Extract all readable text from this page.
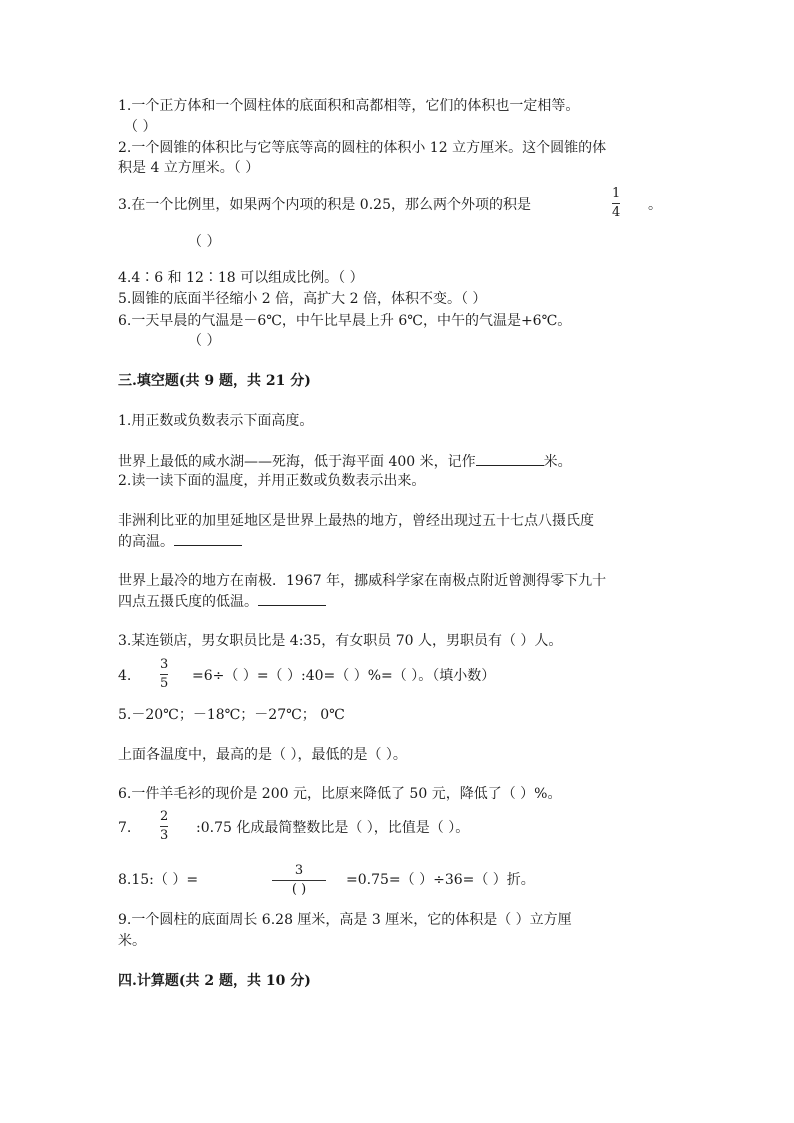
1.一个正方体和一个圆柱体的底面积和高都相等，它们的体积也一定相等。
（ ）
2.一个圆锥的体积比与它等底等高的圆柱的体积小 12 立方厘米。这个圆锥的体
积是 4 立方厘米。（ ）
3.在一个比例里，如果两个内项的积是 0.25，那么两个外项的积是
1
4 。
（ ）
4.4∶6 和 12∶18 可以组成比例。（ ）
5.圆锥的底面半径缩小 2 倍，高扩大 2 倍，体积不变。（ ）
6.一天早晨的气温是－6℃，中午比早晨上升 6℃，中午的气温是+6℃。
（ ）
三.填空题(共 9 题，共 21 分)
1.用正数或负数表示下面高度。
世界上最低的咸水湖——死海，低于海平面 400 米，记作	米。
2.读一读下面的温度，并用正数或负数表示出来。
非洲利比亚的加里延地区是世界上最热的地方，曾经出现过五十七点八摄氏度
的高温。
世界上最冷的地方在南极．1967 年，挪威科学家在南极点附近曾测得零下九十
四点五摄氏度的低温。
3.某连锁店，男女职员比是 4:35，有女职员 70 人，男职员有（ ）人。
4.
3
5 =6÷（ ）=（ ）:40=（ ）%=（ ）。（填小数）
5.－20℃；－18℃；－27℃； 0℃
上面各温度中，最高的是（ ），最低的是（ ）。
6.一件羊毛衫的现价是 200 元，比原来降低了 50 元，降低了（ ）%。
7.
2
3 :0.75 化成最简整数比是（ ），比值是（ ）。
8.15:（ ）=
3
( )
=0.75=（ ）÷36=（ ）折。
9.一个圆柱的底面周长 6.28 厘米，高是 3 厘米，它的体积是（ ）立方厘
米。
四.计算题(共 2 题，共 10 分)
